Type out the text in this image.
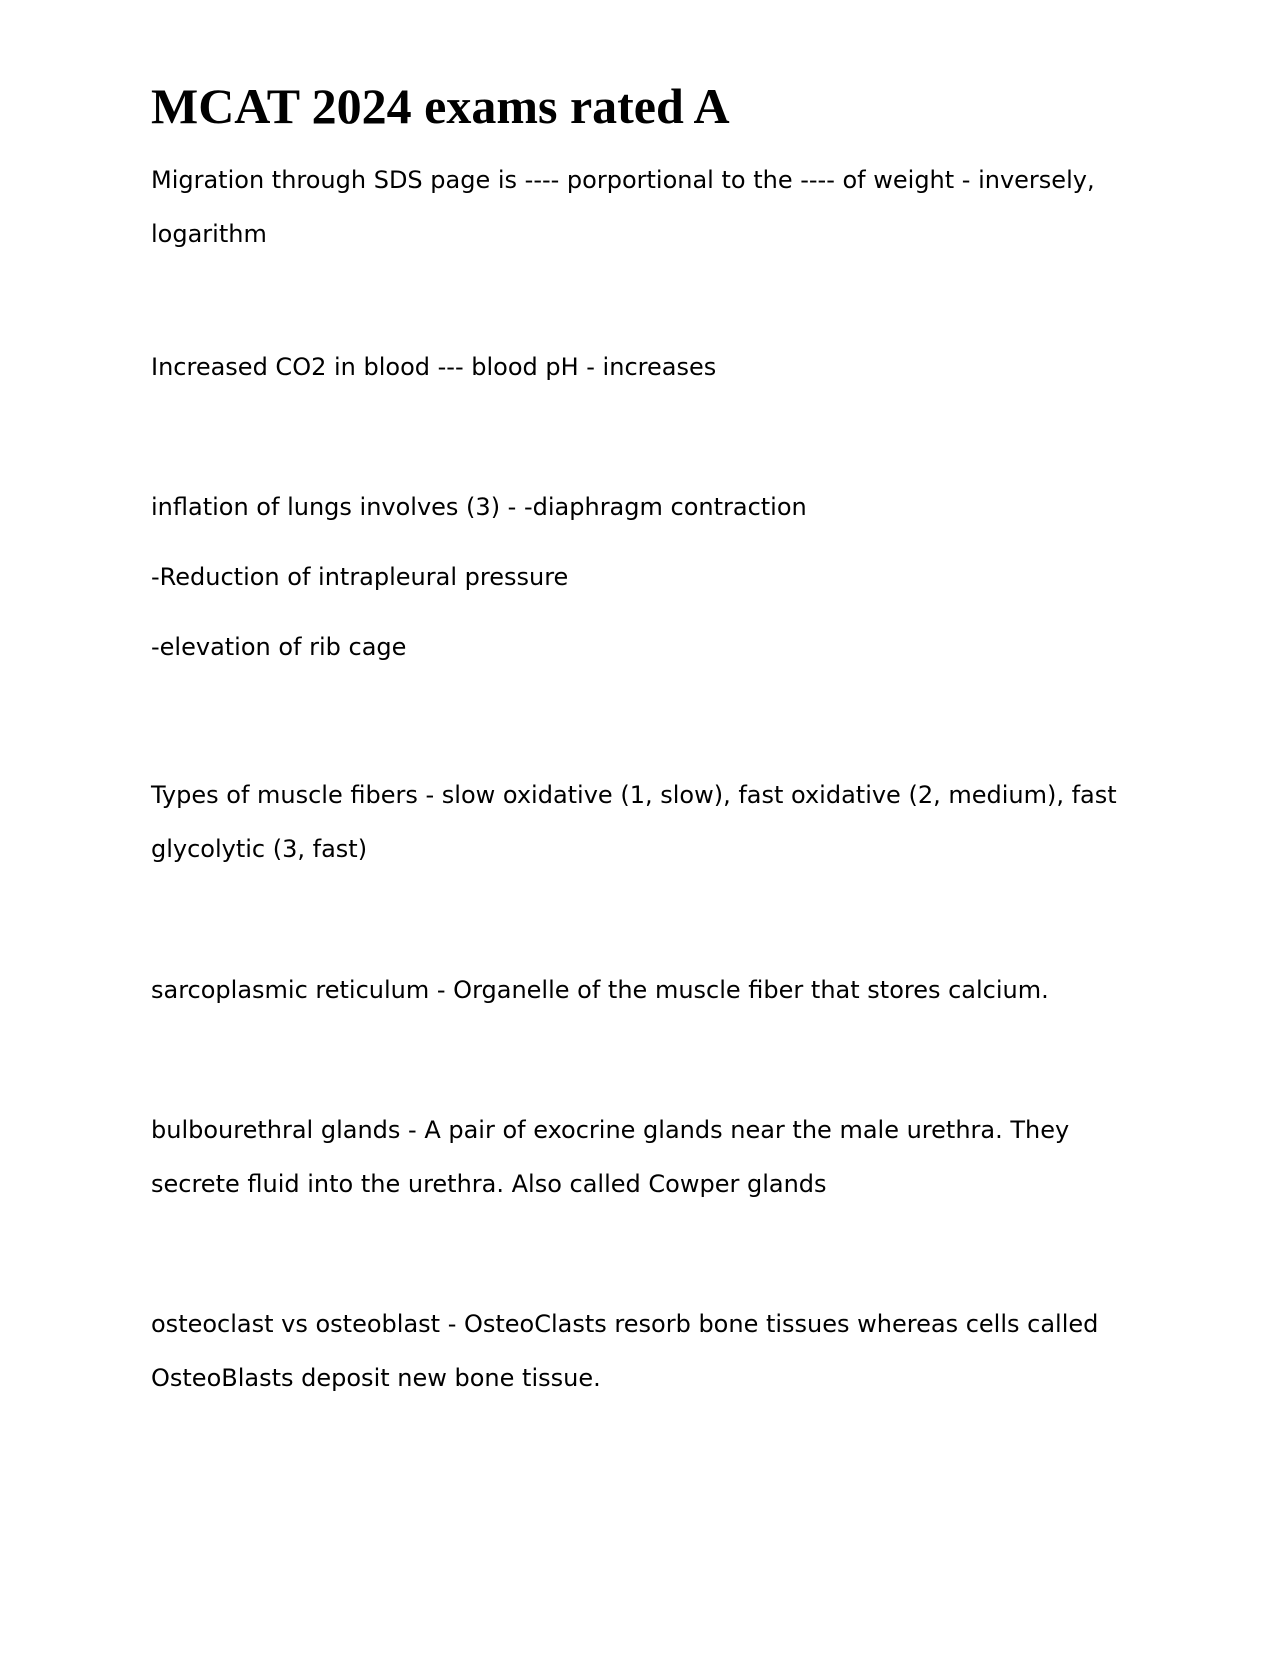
MCAT 2024 exams rated A

Migration through SDS page is ---- porportional to the ---- of weight - inversely,
logarithm

Increased CO2 in blood --- blood pH - increases

inflation of lungs involves (3) - -diaphragm contraction
-Reduction of intrapleural pressure
-elevation of rib cage

Types of muscle fibers - slow oxidative (1, slow), fast oxidative (2, medium), fast
glycolytic (3, fast)

sarcoplasmic reticulum - Organelle of the muscle fiber that stores calcium.

bulbourethral glands - A pair of exocrine glands near the male urethra. They
secrete fluid into the urethra. Also called Cowper glands

osteoclast vs osteoblast - OsteoClasts resorb bone tissues whereas cells called
OsteoBlasts deposit new bone tissue.
